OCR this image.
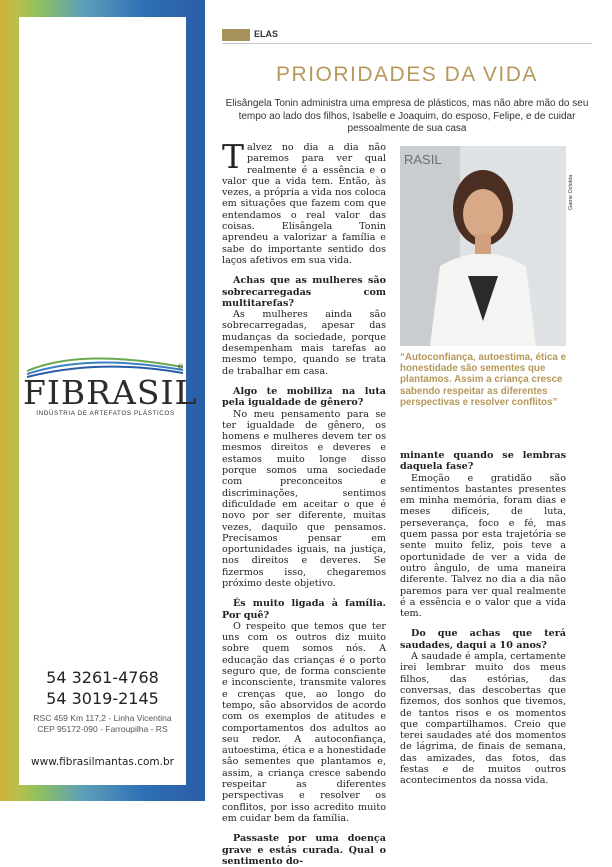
FIBRASIL
®
INDÚSTRIA DE ARTEFATOS PLÁSTICOS
54 3261-4768
54 3019-2145
RSC 459 Km 117,2 - Linha Vicentina
CEP 95172-090 - Farroupilha - RS
www.fibrasilmantas.com.br
ELAS
PRIORIDADES DA VIDA
Elisângela Tonin administra uma empresa de plásticos, mas não abre mão do seu tempo ao lado dos filhos, Isabelle e Joaquim, do esposo, Felipe, e de cuidar pessoalmente de sua casa

Talvez no dia a dia não paremos para ver qual realmente é a essência e o valor que a vida tem. Então, às vezes, a própria a vida nos coloca em situações que fazem com que entendamos o real valor das coisas. Elisângela Tonin aprendeu a valorizar a família e sabe do importante sentido dos laços afetivos em sua vida.

Achas que as mulheres são sobrecarregadas com multitarefas?

As mulheres ainda são sobrecarregadas, apesar das mudanças da sociedade, porque desempenham mais tarefas ao mesmo tempo, quando se trata de trabalhar em casa.

Algo te mobiliza na luta pela igualdade de gênero?

No meu pensamento para se ter igualdade de gênero, os homens e mulheres devem ter os mesmos direitos e deveres e estamos muito longe disso porque somos uma sociedade com preconceitos e discriminações, sentimos dificuldade em aceitar o que é novo por ser diferente, muitas vezes, daquilo que pensamos. Precisamos pensar em oportunidades iguais, na justiça, nos direitos e deveres. Se fizermos isso, chegaremos próximo deste objetivo.

És muito ligada à família. Por quê?

O respeito que temos que ter uns com os outros diz muito sobre quem somos nós. A educação das crianças é o porto seguro que, de forma consciente e inconsciente, transmite valores e crenças que, ao longo do tempo, são absorvidos de acordo com os exemplos de atitudes e comportamentos dos adultos ao seu redor. A autoconfiança, autoestima, ética e a honestidade são sementes que plantamos e, assim, a criança cresce sabendo respeitar as diferentes perspectivas e resolver os conflitos, por isso acredito muito em cuidar bem da família.

Passaste por uma doença grave e estás curada. Qual o sentimento do-

RASIL
Game Ozlolda
“Autoconfiança, autoestima, ética e honestidade são sementes que plantamos. Assim a criança cresce sabendo respeitar as diferentes perspectivas e resolver conflitos”

minante quando se lembras daquela fase?

Emoção e gratidão são sentimentos bastantes presentes em minha memória, foram dias e meses difíceis, de luta, perseverança, foco e fé, mas quem passa por esta trajetória se sente muito feliz, pois teve a oportunidade de ver a vida de outro ângulo, de uma maneira diferente. Talvez no dia a dia não paremos para ver qual realmente é a essência e o valor que a vida tem.

Do que achas que terá saudades, daqui a 10 anos?

A saudade é ampla, certamente irei lembrar muito dos meus filhos, das estórias, das conversas, das descobertas que fizemos, dos sonhos que tivemos, de tantos risos e os momentos que compartilhamos. Creio que terei saudades até dos momentos de lágrima, de finais de semana, das amizades, das fotos, das festas e de muitos outros acontecimentos da nossa vida.
